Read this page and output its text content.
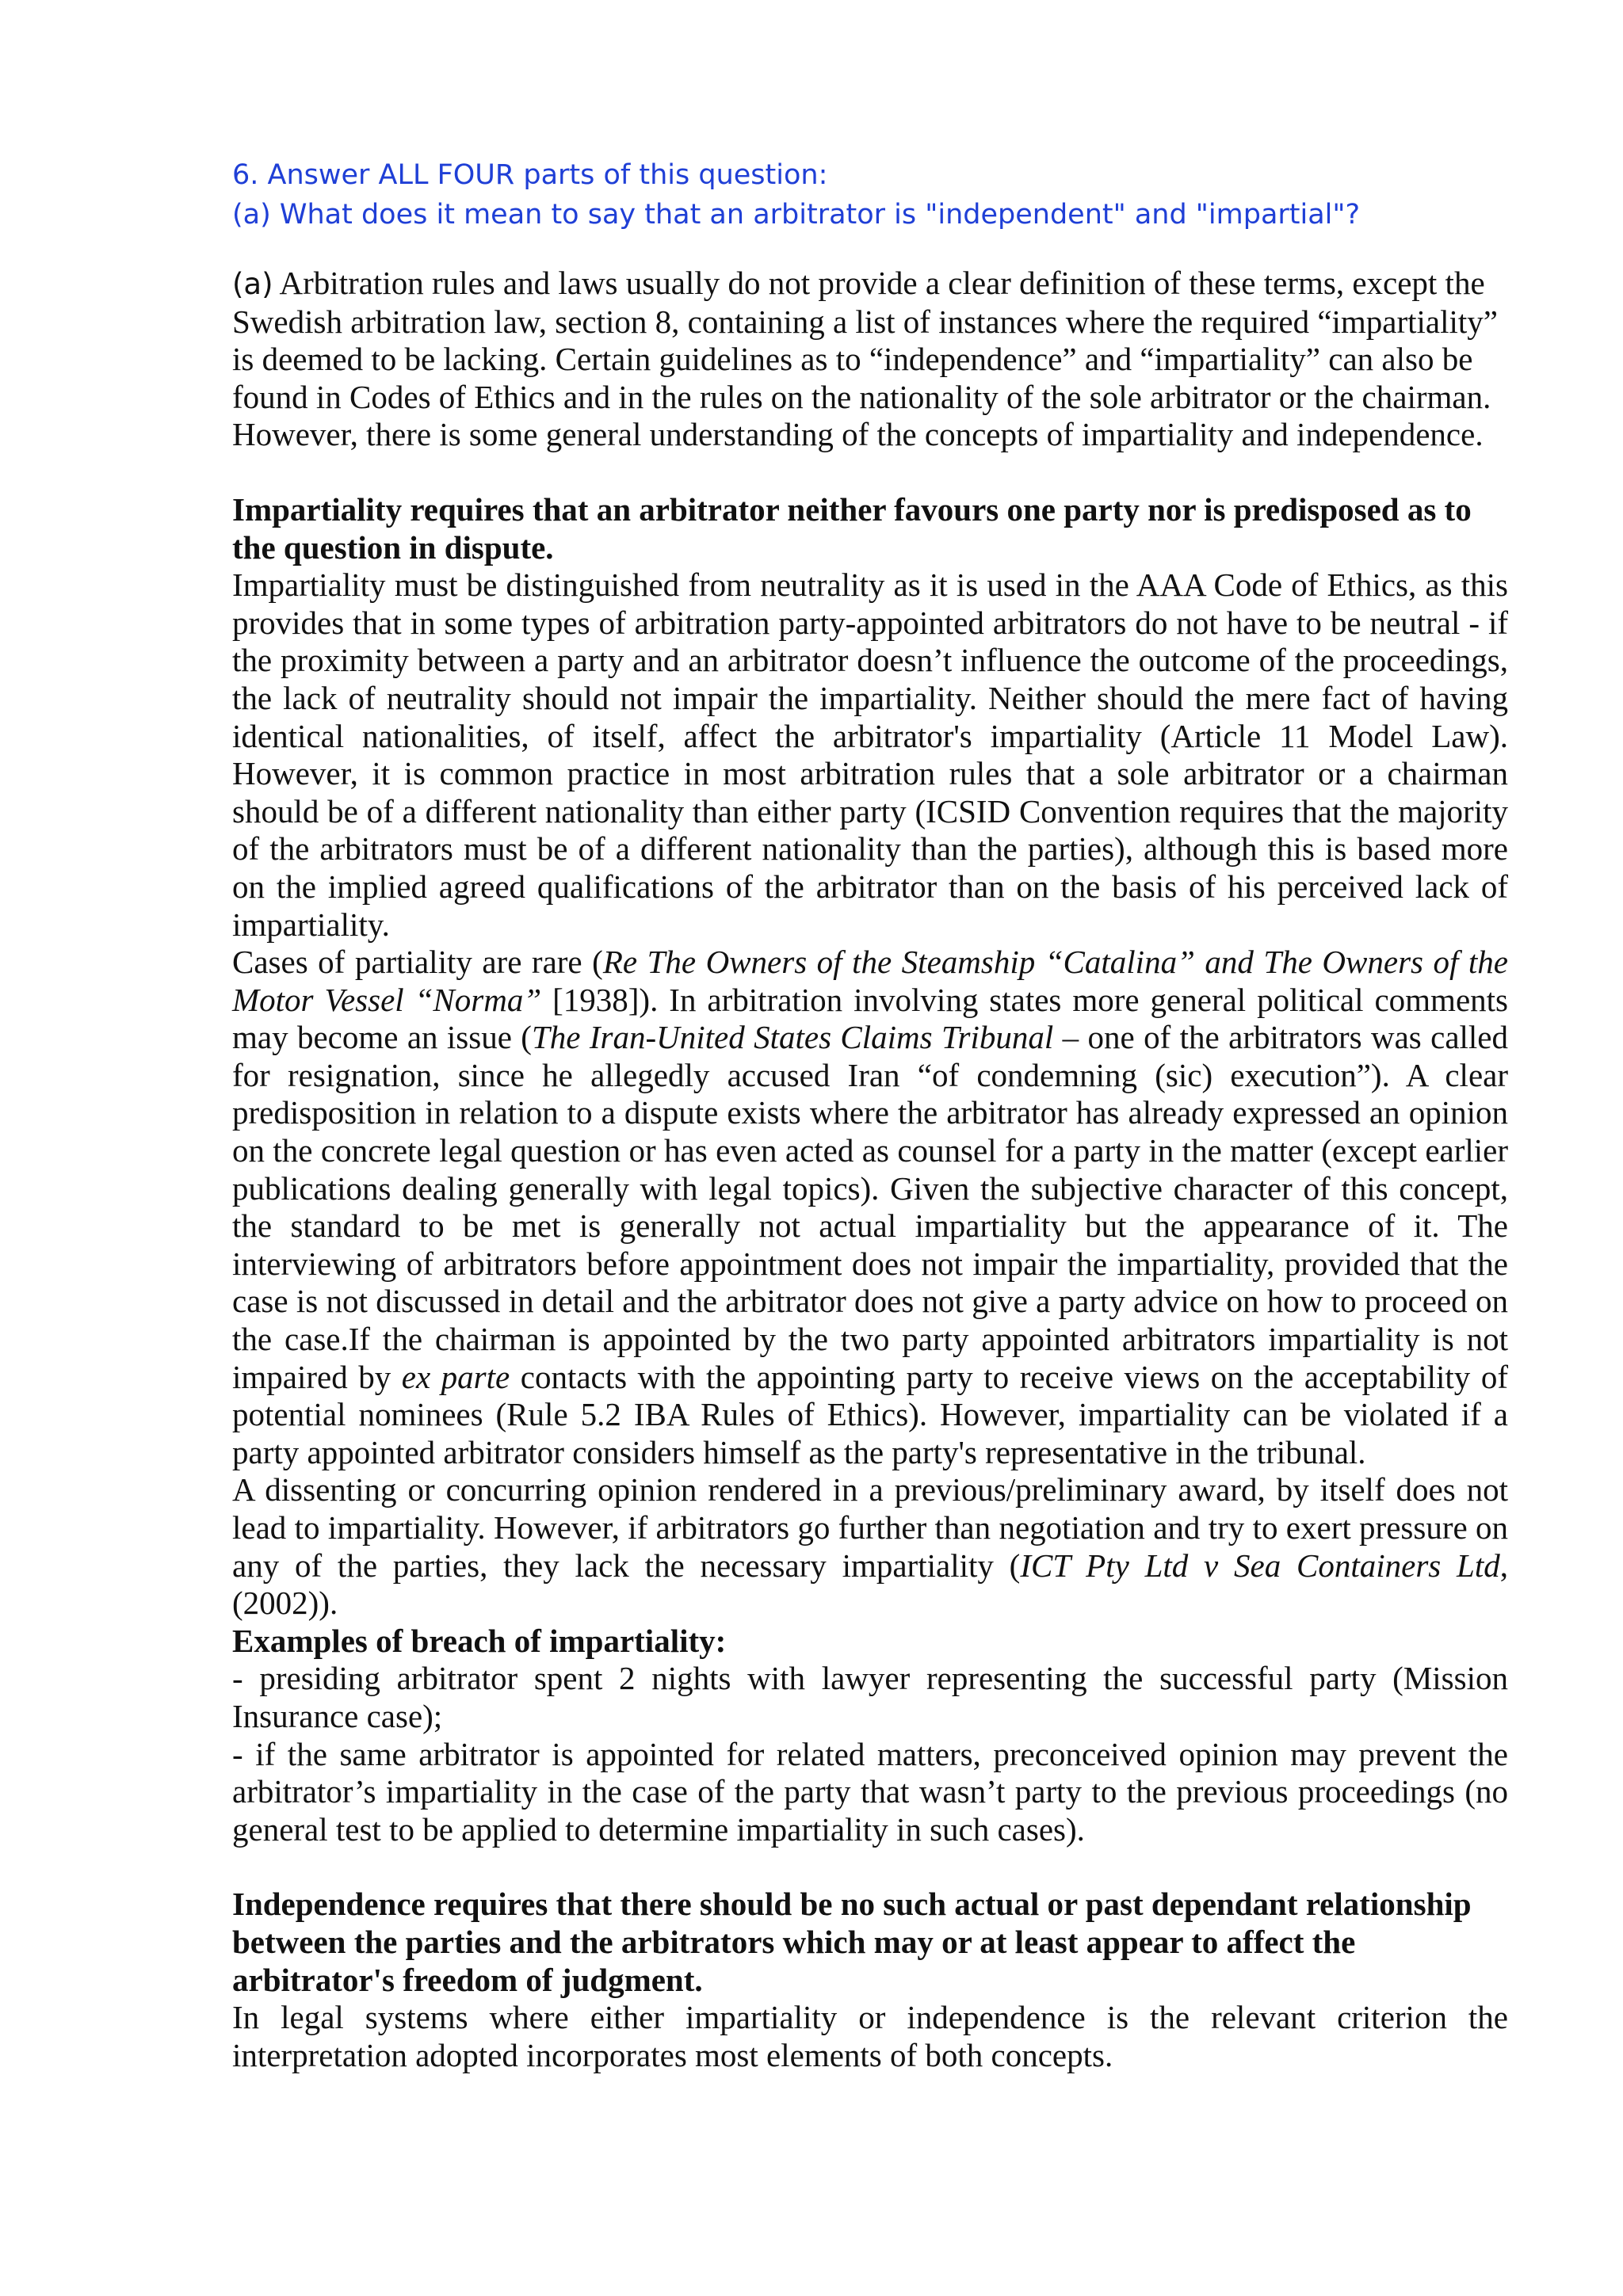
6. Answer ALL FOUR parts of this question:

(a) What does it mean to say that an arbitrator is "independent" and "impartial"?

(a) Arbitration rules and laws usually do not provide a clear definition of these terms, except the Swedish arbitration law, section 8, containing a list of instances where the required “impartiality” is deemed to be lacking. Certain guidelines as to “independence” and “impartiality” can also be found in Codes of Ethics and in the rules on the nationality of the sole arbitrator or the chairman. However, there is some general understanding of the concepts of impartiality and independence.

Impartiality requires that an arbitrator neither favours one party nor is predisposed as to the question in dispute.

Impartiality must be distinguished from neutrality as it is used in the AAA Code of Ethics, as this provides that in some types of arbitration party-appointed arbitrators do not have to be neutral - if the proximity between a party and an arbitrator doesn’t influence the outcome of the proceedings, the lack of neutrality should not impair the impartiality. Neither should the mere fact of having identical nationalities, of itself, affect the arbitrator's impartiality (Article 11 Model Law). However, it is common practice in most arbitration rules that a sole arbitrator or a chairman should be of a different nationality than either party (ICSID Convention requires that the majority of the arbitrators must be of a different nationality than the parties), although this is based more on the implied agreed qualifications of the arbitrator than on the basis of his perceived lack of impartiality.

Cases of partiality are rare (Re The Owners of the Steamship “Catalina” and The Owners of the Motor Vessel “Norma” [1938]). In arbitration involving states more general political comments may become an issue (The Iran-United States Claims Tribunal – one of the arbitrators was called for resignation, since he allegedly accused Iran “of condemning (sic) execution”). A clear predisposition in relation to a dispute exists where the arbitrator has already expressed an opinion on the concrete legal question or has even acted as counsel for a party in the matter (except earlier publications dealing generally with legal topics). Given the subjective character of this concept, the standard to be met is generally not actual impartiality but the appearance of it. The interviewing of arbitrators before appointment does not impair the impartiality, provided that the case is not discussed in detail and the arbitrator does not give a party advice on how to proceed on the case.If the chairman is appointed by the two party appointed arbitrators impartiality is not impaired by ex parte contacts with the appointing party to receive views on the acceptability of potential nominees (Rule 5.2 IBA Rules of Ethics). However, impartiality can be violated if a party appointed arbitrator considers himself as the party's representative in the tribunal.

A dissenting or concurring opinion rendered in a previous/preliminary award, by itself does not lead to impartiality. However, if arbitrators go further than negotiation and try to exert pressure on any of the parties, they lack the necessary impartiality (ICT Pty Ltd v Sea Containers Ltd, (2002)).

Examples of breach of impartiality:

- presiding arbitrator spent 2 nights with lawyer representing the successful party (Mission Insurance case);

- if the same arbitrator is appointed for related matters, preconceived opinion may prevent the arbitrator’s impartiality in the case of the party that wasn’t party to the previous proceedings (no general test to be applied to determine impartiality in such cases).

Independence requires that there should be no such actual or past dependant relationship between the parties and the arbitrators which may or at least appear to affect the arbitrator's freedom of judgment.

In legal systems where either impartiality or independence is the relevant criterion the interpretation adopted incorporates most elements of both concepts.
